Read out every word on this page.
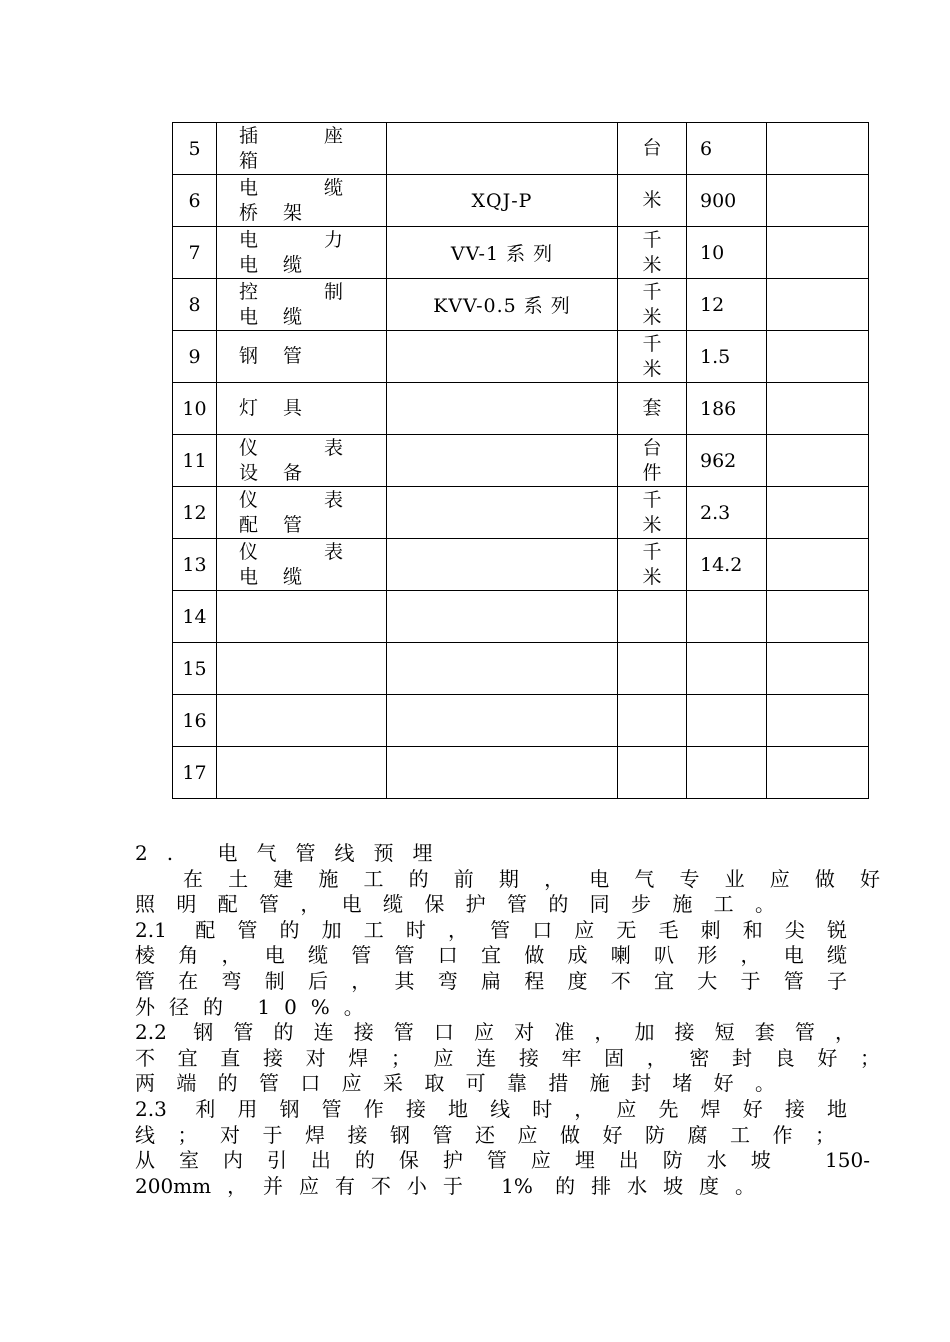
5	插座箱		台	6	
6	电缆桥架	XQJ-P	米	900	
7	电力电缆	VV-1 系 列	千米	10	
8	控制电缆	KVV-0.5 系 列	千米	12	
9	钢管		千米	1.5	
10	灯具		套	186	
11	仪表设备		台件	962	
12	仪表配管		千米	2.3	
13	仪表电缆		千米	14.2	
14	

15	

16	

17	

2. 电气管线预埋
在土建施工的前期，电气专业应做好
照明配管，电缆保护管的同步施工。
2.1 配管的加工时，管口应无毛刺和尖锐
棱角，电缆管管口宜做成喇叭形，电缆
管在弯制后，其弯扁程度不宜大于管子
外径的 10%。
2.2 钢管的连接管口应对准，加接短套管，
不宜直接对焊；应连接牢固，密封良好；
两端的管口应采取可靠措施封堵好。
2.3 利用钢管作接地线时，应先焊好接地
线；对于焊接钢管还应做好防腐工作；
从室内引出的保护管应埋出防水坡 150-
200mm，并应有不小于 1% 的排水坡度。
